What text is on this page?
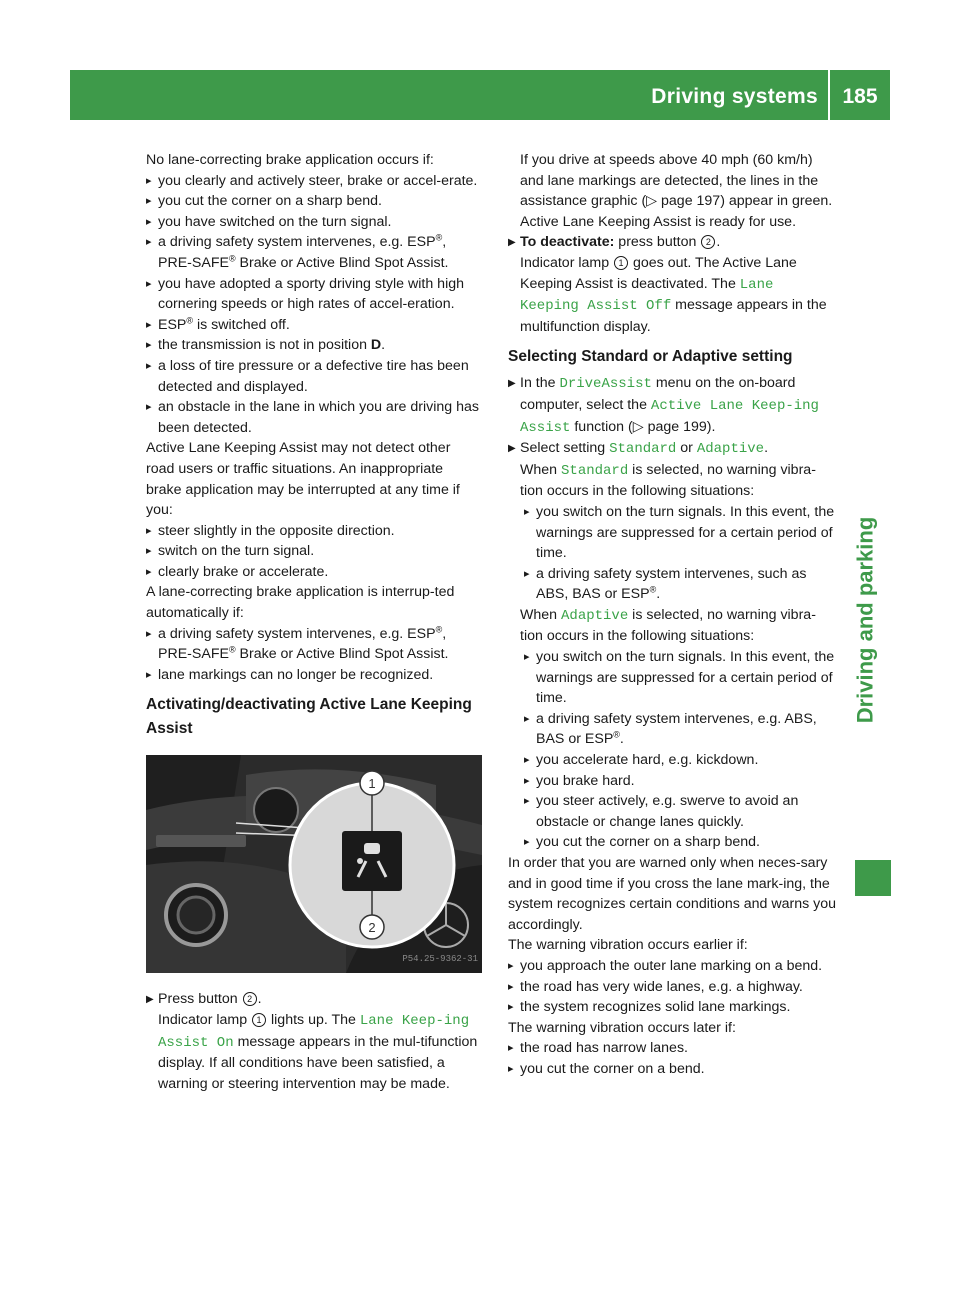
Driving systems	185
Driving and parking

No lane-correcting brake application occurs if:

▸ you clearly and actively steer, brake or accel-erate.

▸ you cut the corner on a sharp bend.

▸ you have switched on the turn signal.

▸ a driving safety system intervenes, e.g. ESP®, PRE-SAFE® Brake or Active Blind Spot Assist.

▸ you have adopted a sporty driving style with high cornering speeds or high rates of accel-eration.

▸ ESP® is switched off.

▸ the transmission is not in position D.

▸ a loss of tire pressure or a defective tire has been detected and displayed.

▸ an obstacle in the lane in which you are driving has been detected.

Active Lane Keeping Assist may not detect other road users or traffic situations. An inappropriate brake application may be interrupted at any time if you:

▸ steer slightly in the opposite direction.

▸ switch on the turn signal.

▸ clearly brake or accelerate.

A lane-correcting brake application is interrup-ted automatically if:

▸ a driving safety system intervenes, e.g. ESP®, PRE-SAFE® Brake or Active Blind Spot Assist.

▸ lane markings can no longer be recognized.

Activating/deactivating Active Lane Keeping Assist

1
2
P54.25-9362-31

▶ Press button 2 .
Indicator lamp 1 lights up. The Lane Keep-ing Assist On message appears in the mul-tifunction display. If all conditions have been satisfied, a warning or steering intervention may be made.

If you drive at speeds above 40 mph (60 km/h) and lane markings are detected, the lines in the assistance graphic (▷ page 197) appear in green. Active Lane Keeping Assist is ready for use.

▶ To deactivate: press button 2 .
Indicator lamp 1 goes out. The Active Lane Keeping Assist is deactivated. The Lane Keeping Assist Off message appears in the multifunction display.

Selecting Standard or Adaptive setting

▶ In the DriveAssist menu on the on-board computer, select the Active Lane Keep-ing Assist function (▷ page 199).

▶ Select setting Standard or Adaptive.
When Standard is selected, no warning vibra-tion occurs in the following situations:

▸ you switch on the turn signals. In this event, the warnings are suppressed for a certain period of time.

▸ a driving safety system intervenes, such as ABS, BAS or ESP®.

When Adaptive is selected, no warning vibra-tion occurs in the following situations:

▸ you switch on the turn signals. In this event, the warnings are suppressed for a certain period of time.

▸ a driving safety system intervenes, e.g. ABS, BAS or ESP®.

▸ you accelerate hard, e.g. kickdown.

▸ you brake hard.

▸ you steer actively, e.g. swerve to avoid an obstacle or change lanes quickly.

▸ you cut the corner on a sharp bend.

In order that you are warned only when neces-sary and in good time if you cross the lane mark-ing, the system recognizes certain conditions and warns you accordingly.

The warning vibration occurs earlier if:

▸ you approach the outer lane marking on a bend.

▸ the road has very wide lanes, e.g. a highway.

▸ the system recognizes solid lane markings.

The warning vibration occurs later if:

▸ the road has narrow lanes.

▸ you cut the corner on a bend.
